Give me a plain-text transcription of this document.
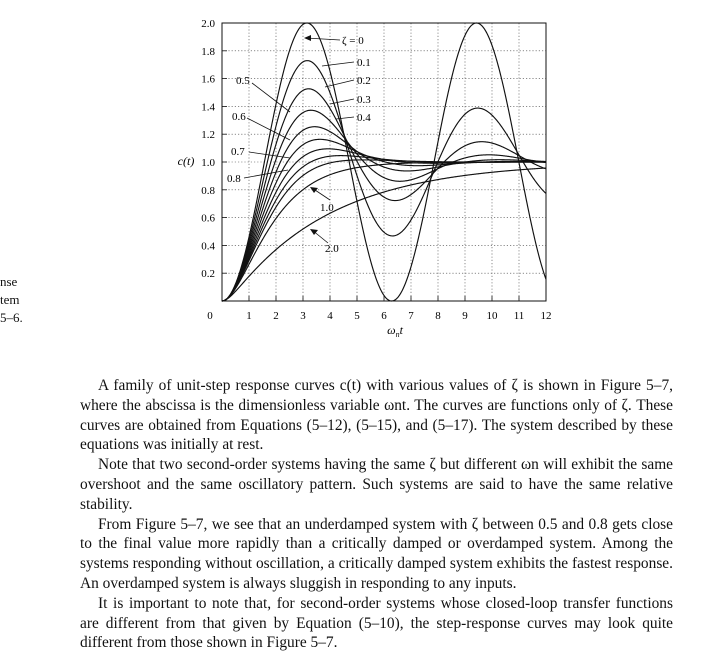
c(t)
$\omega_nt$
0	1 2 3 4 5 6 7 8 9 10 11 12
0.2
0.4
0.6
0.8
1.0
1.2
1.4
1.6
1.8
2.0
ζ = 0
0.1
0.2
0.3
0.4
0.5
0.6
0.7
0.8
1.0
2.0
nse
tem
5–6.

A family of unit-step response curves c(t) with various values of ζ is shown in Figure 5–7, where the abscissa is the dimensionless variable ωnt. The curves are functions only of ζ. These curves are obtained from Equations (5–12), (5–15), and (5–17). The system described by these equations was initially at rest.

Note that two second-order systems having the same ζ but different ωn will exhibit the same overshoot and the same oscillatory pattern. Such systems are said to have the same relative stability.

From Figure 5–7, we see that an underdamped system with ζ between 0.5 and 0.8 gets close to the final value more rapidly than a critically damped or overdamped system. Among the systems responding without oscillation, a critically damped system exhibits the fastest response. An overdamped system is always sluggish in responding to any inputs.

It is important to note that, for second-order systems whose closed-loop transfer functions are different from that given by Equation (5–10), the step-response curves may look quite different from those shown in Figure 5–7.
